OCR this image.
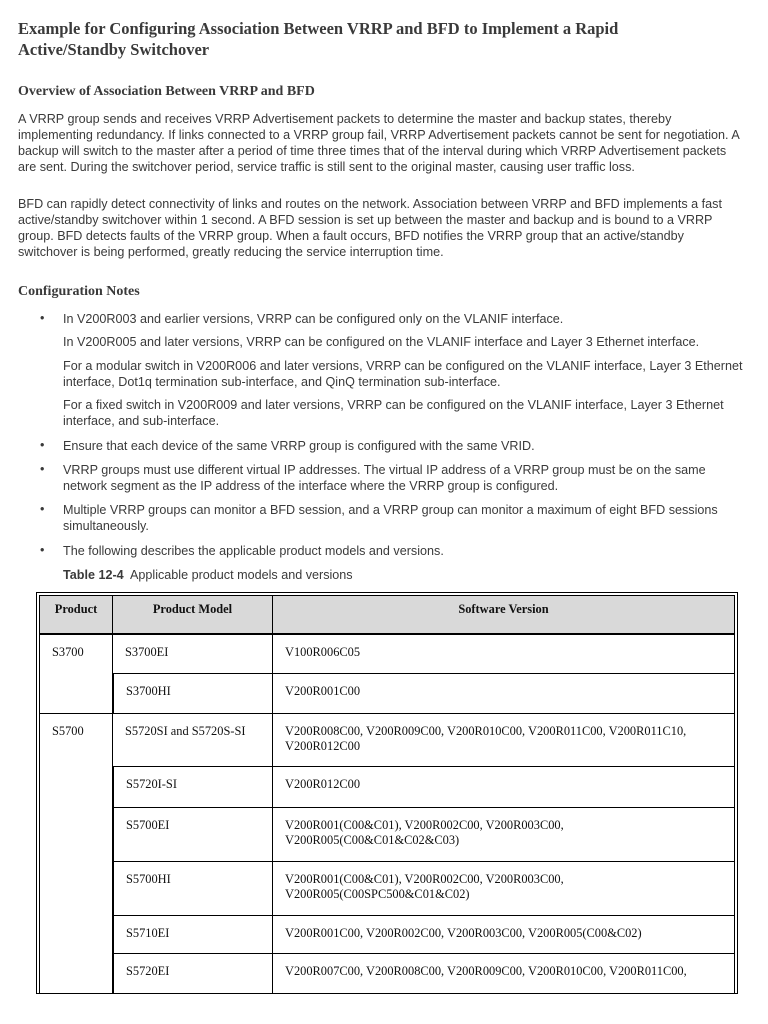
Example for Configuring Association Between VRRP and BFD to Implement a Rapid Active/Standby Switchover
Overview of Association Between VRRP and BFD

A VRRP group sends and receives VRRP Advertisement packets to determine the master and backup states, thereby implementing redundancy. If links connected to a VRRP group fail, VRRP Advertisement packets cannot be sent for negotiation. A backup will switch to the master after a period of time three times that of the interval during which VRRP Advertisement packets are sent. During the switchover period, service traffic is still sent to the original master, causing user traffic loss.

BFD can rapidly detect connectivity of links and routes on the network. Association between VRRP and BFD implements a fast active/standby switchover within 1 second. A BFD session is set up between the master and backup and is bound to a VRRP group. BFD detects faults of the VRRP group. When a fault occurs, BFD notifies the VRRP group that an active/standby switchover is being performed, greatly reducing the service interruption time.

Configuration Notes
• In V200R003 and earlier versions, VRRP can be configured only on the VLANIF interface.

In V200R005 and later versions, VRRP can be configured on the VLANIF interface and Layer 3 Ethernet interface.

For a modular switch in V200R006 and later versions, VRRP can be configured on the VLANIF interface, Layer 3 Ethernet interface, Dot1q termination sub-interface, and QinQ termination sub-interface.

For a fixed switch in V200R009 and later versions, VRRP can be configured on the VLANIF interface, Layer 3 Ethernet interface, and sub-interface.

• Ensure that each device of the same VRRP group is configured with the same VRID.

• VRRP groups must use different virtual IP addresses. The virtual IP address of a VRRP group must be on the same network segment as the IP address of the interface where the VRRP group is configured.

• Multiple VRRP groups can monitor a BFD session, and a VRRP group can monitor a maximum of eight BFD sessions simultaneously.

• The following describes the applicable product models and versions.

Table 12-4 Applicable product models and versions
Product	Product Model	Software Version

S3700	S3700EI	V100R006C05

	S3700HI	V200R001C00

S5700	S5720SI and S5720S-SI	V200R008C00, V200R009C00, V200R010C00, V200R011C00, V200R011C10, V200R012C00

	S5720I-SI	V200R012C00

	S5700EI	V200R001(C00&C01), V200R002C00, V200R003C00, V200R005(C00&C01&C02&C03)

	S5700HI	V200R001(C00&C01), V200R002C00, V200R003C00, V200R005(C00SPC500&C01&C02)

	S5710EI	V200R001C00, V200R002C00, V200R003C00, V200R005(C00&C02)

	S5720EI	V200R007C00, V200R008C00, V200R009C00, V200R010C00, V200R011C00,
